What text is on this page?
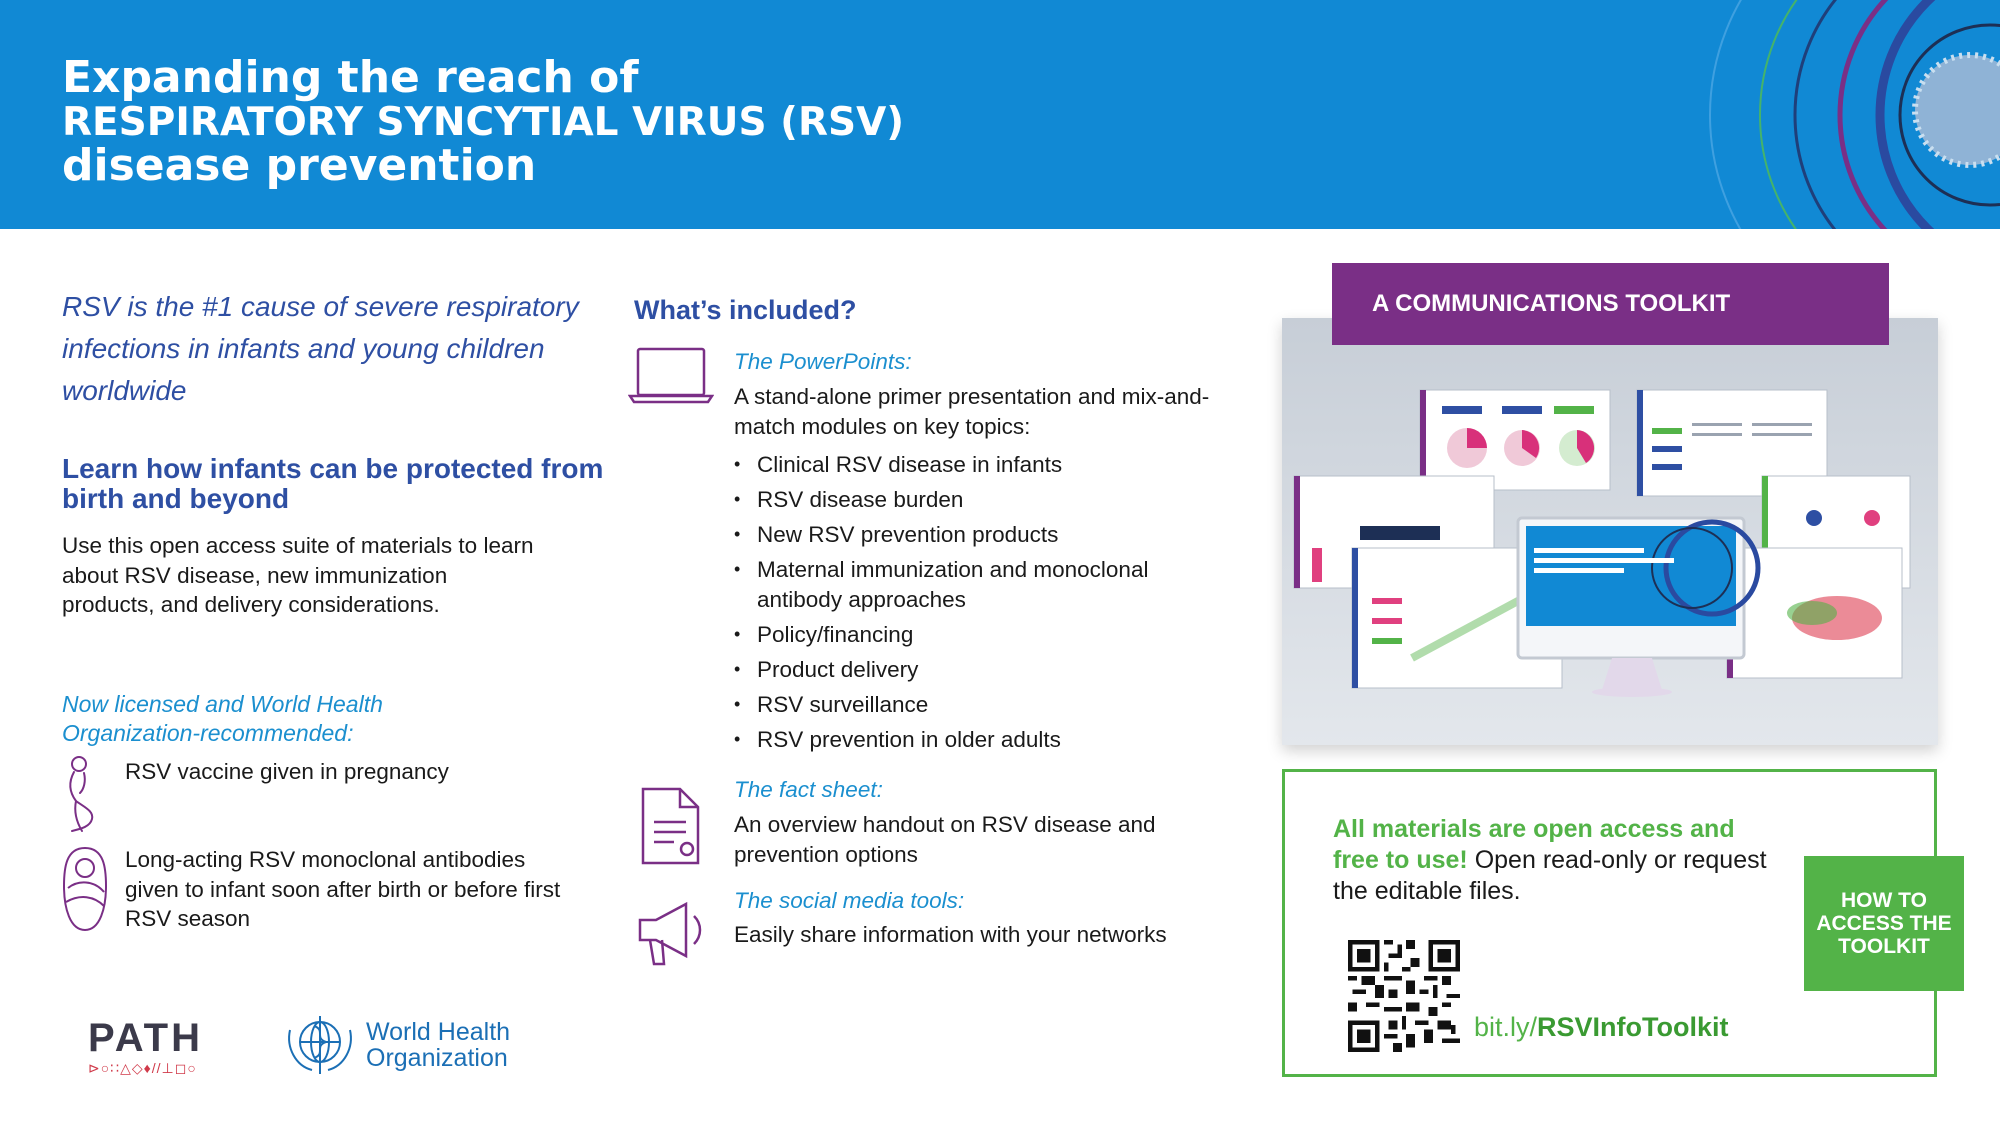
Expanding the reach of
RESPIRATORY SYNCYTIAL VIRUS (RSV)
disease prevention
RSV is the #1 cause of severe respiratory infections in infants and young children worldwide
Learn how infants can be protected from birth and beyond
Use this open access suite of materials to learn about RSV disease, new immunization products, and delivery considerations.
Now licensed and World Health Organization-recommended:
RSV vaccine given in pregnancy
Long-acting RSV monoclonal antibodies given to infant soon after birth or before first RSV season
What’s included?
The PowerPoints:
A stand-alone primer presentation and mix-and-match modules on key topics:
• Clinical RSV disease in infants
• RSV disease burden
• New RSV prevention products
• Maternal immunization and monoclonal antibody approaches
• Policy/financing
• Product delivery
• RSV surveillance
• RSV prevention in older adults
The fact sheet:
An overview handout on RSV disease and prevention options
The social media tools:
Easily share information with your networks
A COMMUNICATIONS TOOLKIT
All materials are open access and free to use! Open read-only or request the editable files.	HOW TO ACCESS THE TOOLKIT
bit.ly/RSVInfoToolkit
PATH
⊳○∷△◇♦//⊥◻○
World Health
Organization
